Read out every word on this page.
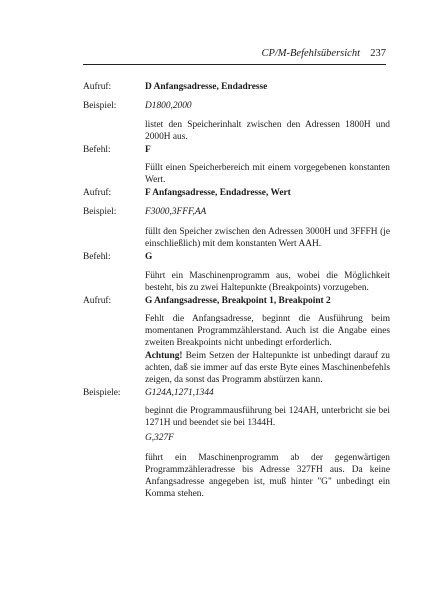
CP/M-Befehlsübersicht 237
Aufruf:	D Anfangsadresse, Endadresse
Beispiel:	D1800,2000
listet den Speicherinhalt zwischen den Adressen 1800H und 2000H aus.
Befehl:	F
Füllt einen Speicherbereich mit einem vorgegebenen konstanten Wert.
Aufruf:	F Anfangsadresse, Endadresse, Wert
Beispiel:	F3000,3FFF,AA
füllt den Speicher zwischen den Adressen 3000H und 3FFFH (je einschließlich) mit dem konstanten Wert AAH.
Befehl:	G
Führt ein Maschinenprogramm aus, wobei die Möglichkeit besteht, bis zu zwei Haltepunkte (Breakpoints) vorzugeben.
Aufruf:	G Anfangsadresse, Breakpoint 1, Breakpoint 2
Fehlt die Anfangsadresse, beginnt die Ausführung beim momentanen Programmzählerstand. Auch ist die Angabe eines zweiten Breakpoints nicht unbedingt erforderlich.
Achtung! Beim Setzen der Haltepunkte ist unbedingt darauf zu achten, daß sie immer auf das erste Byte eines Maschinenbefehls zeigen, da sonst das Programm abstürzen kann.
Beispiele:	G124A,1271,1344
beginnt die Programmausführung bei 124AH, unterbricht sie bei 1271H und beendet sie bei 1344H.
G,327F
führt ein Maschinenprogramm ab der gegenwärtigen Programmzähleradresse bis Adresse 327FH aus. Da keine Anfangsadresse angegeben ist, muß hinter "G" unbedingt ein Komma stehen.
